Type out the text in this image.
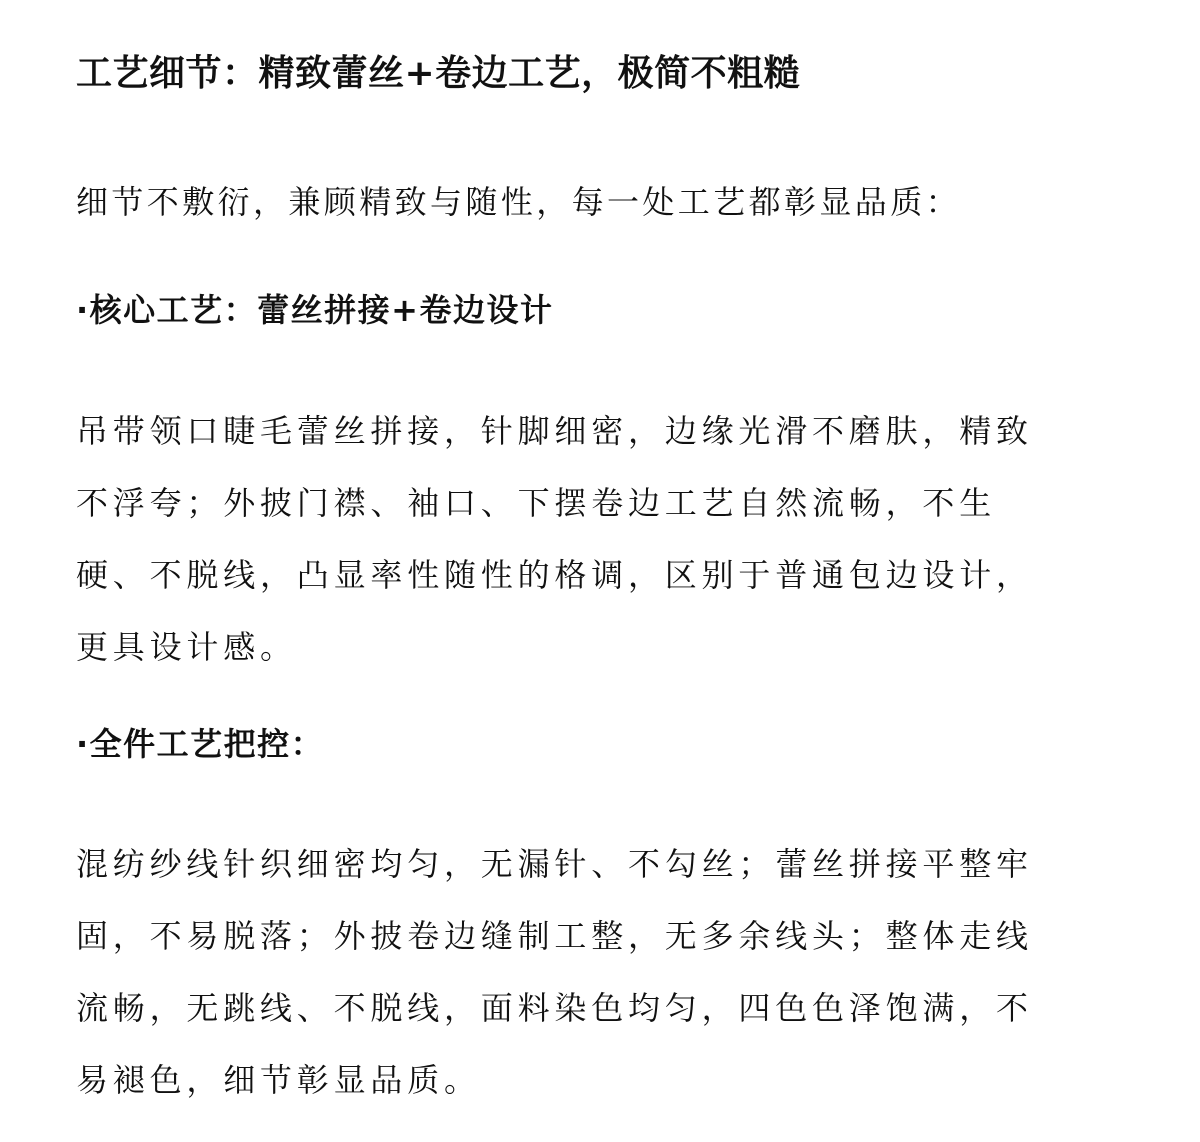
工艺细节：精致蕾丝+卷边工艺，极简不粗糙

细节不敷衍，兼顾精致与随性，每一处工艺都彰显品质：

·核心工艺：蕾丝拼接+卷边设计

吊带领口睫毛蕾丝拼接，针脚细密，边缘光滑不磨肤，精致
不浮夸；外披门襟、袖口、下摆卷边工艺自然流畅，不生
硬、不脱线，凸显率性随性的格调，区别于普通包边设计，
更具设计感。

·全件工艺把控：

混纺纱线针织细密均匀，无漏针、不勾丝；蕾丝拼接平整牢
固，不易脱落；外披卷边缝制工整，无多余线头；整体走线
流畅，无跳线、不脱线，面料染色均匀，四色色泽饱满，不
易褪色，细节彰显品质。
